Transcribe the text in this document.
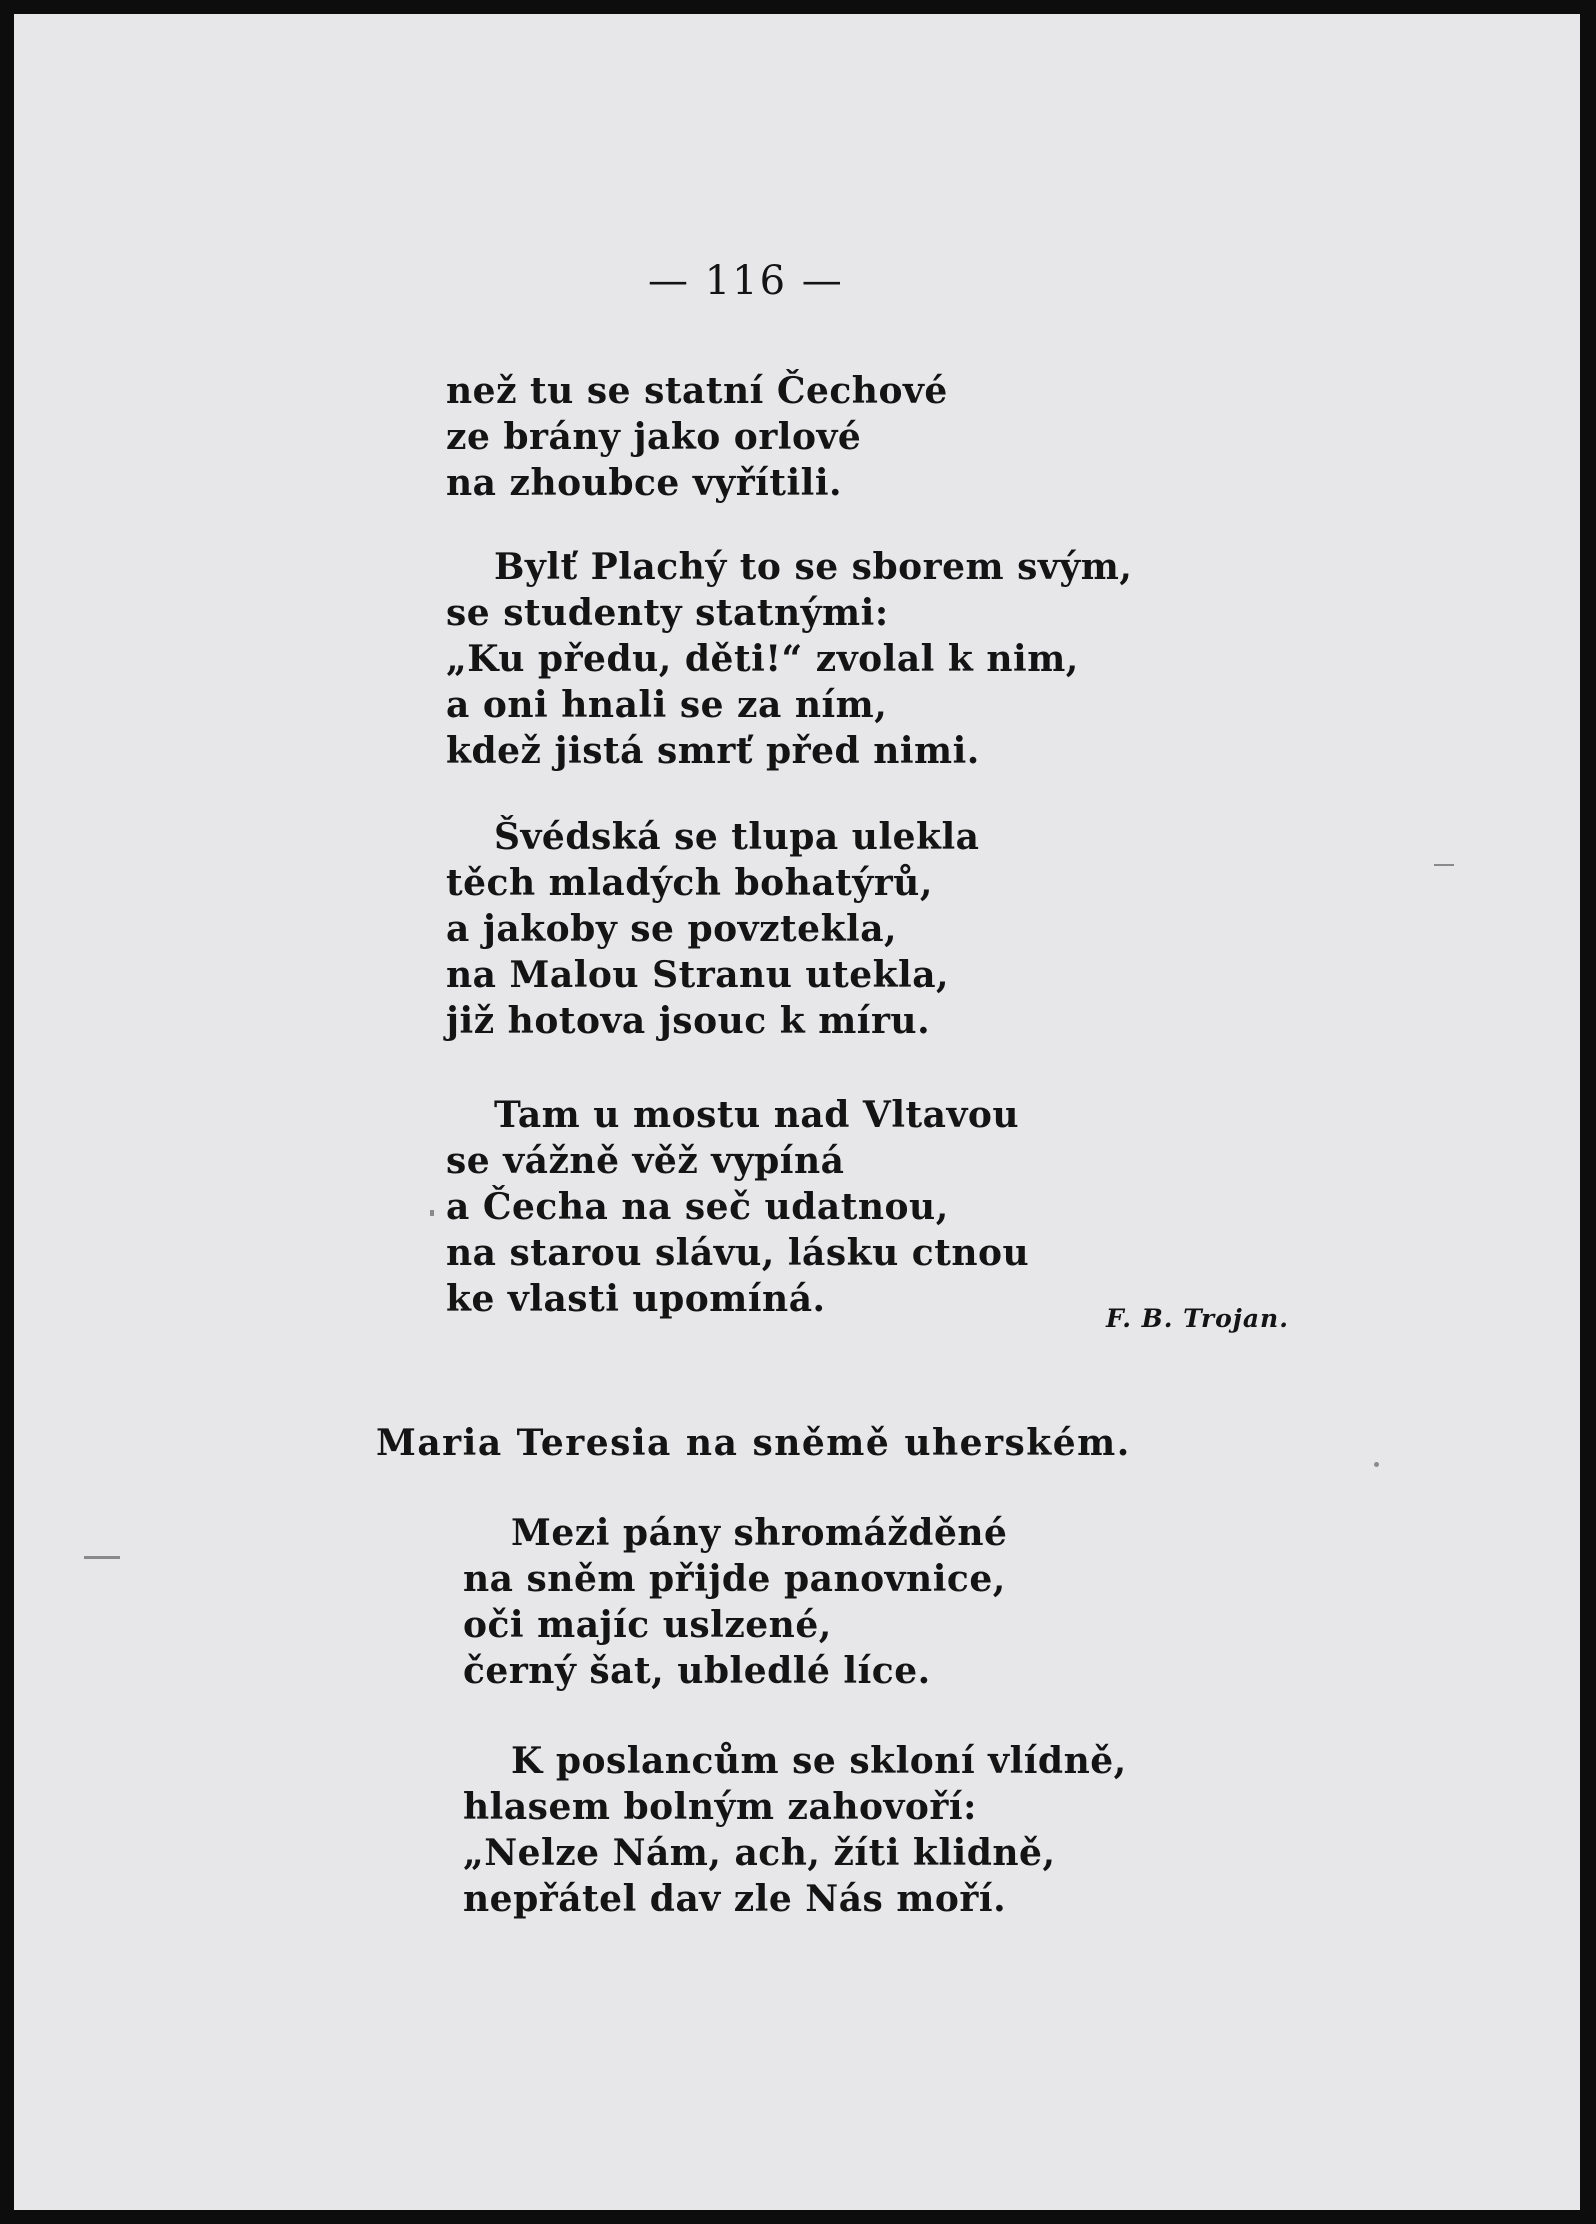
— 116 —
než tu se statní Čechové
ze brány jako orlové
na zhoubce vyřítili.
Bylť Plachý to se sborem svým,
se studenty statnými:
„Ku předu, děti!“ zvolal k nim,
a oni hnali se za ním,
kdež jistá smrť před nimi.
Švédská se tlupa ulekla
těch mladých bohatýrů,
a jakoby se povztekla,
na Malou Stranu utekla,
již hotova jsouc k míru.
Tam u mostu nad Vltavou
se vážně věž vypíná
a Čecha na seč udatnou,
na starou slávu, lásku ctnou
ke vlasti upomíná.	F. B. Trojan.
Maria Teresia na sněmě uherském.
Mezi pány shromážděné
na sněm přijde panovnice,
oči majíc uslzené,
černý šat, ubledlé líce.
K poslancům se skloní vlídně,
hlasem bolným zahovoří:
„Nelze Nám, ach, žíti klidně,
nepřátel dav zle Nás moří.
